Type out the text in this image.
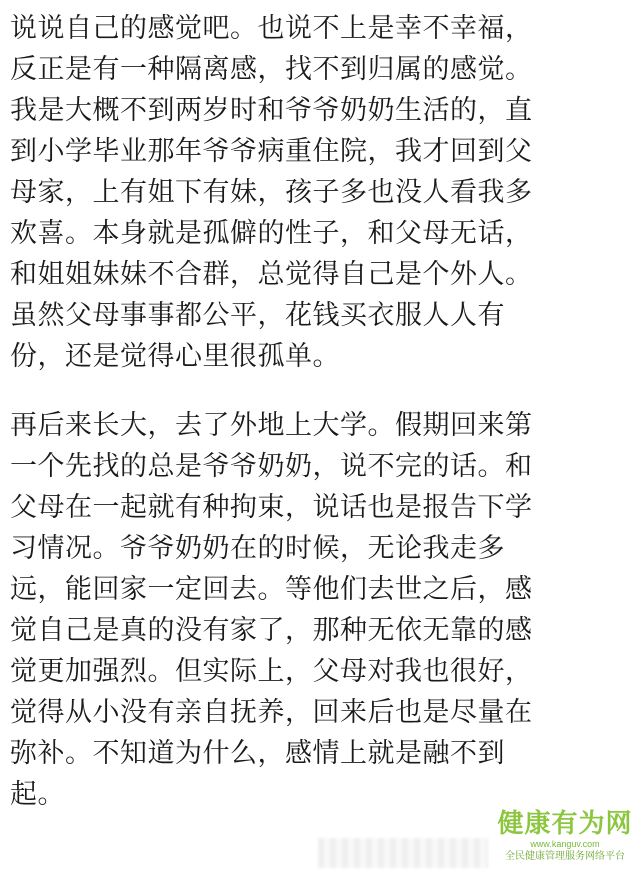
说说自己的感觉吧。也说不上是幸不幸福，
反正是有一种隔离感，找不到归属的感觉。
我是大概不到两岁时和爷爷奶奶生活的，直
到小学毕业那年爷爷病重住院，我才回到父
母家，上有姐下有妹，孩子多也没人看我多
欢喜。本身就是孤僻的性子，和父母无话，
和姐姐妹妹不合群，总觉得自己是个外人。
虽然父母事事都公平，花钱买衣服人人有
份，还是觉得心里很孤单。
再后来长大，去了外地上大学。假期回来第
一个先找的总是爷爷奶奶，说不完的话。和
父母在一起就有种拘束，说话也是报告下学
习情况。爷爷奶奶在的时候，无论我走多
远，能回家一定回去。等他们去世之后，感
觉自己是真的没有家了，那种无依无靠的感
觉更加强烈。但实际上，父母对我也很好，
觉得从小没有亲自抚养，回来后也是尽量在
弥补。不知道为什么，感情上就是融不到
起。
健康有为网
www.kanguv.com
全民健康管理服务网络平台
